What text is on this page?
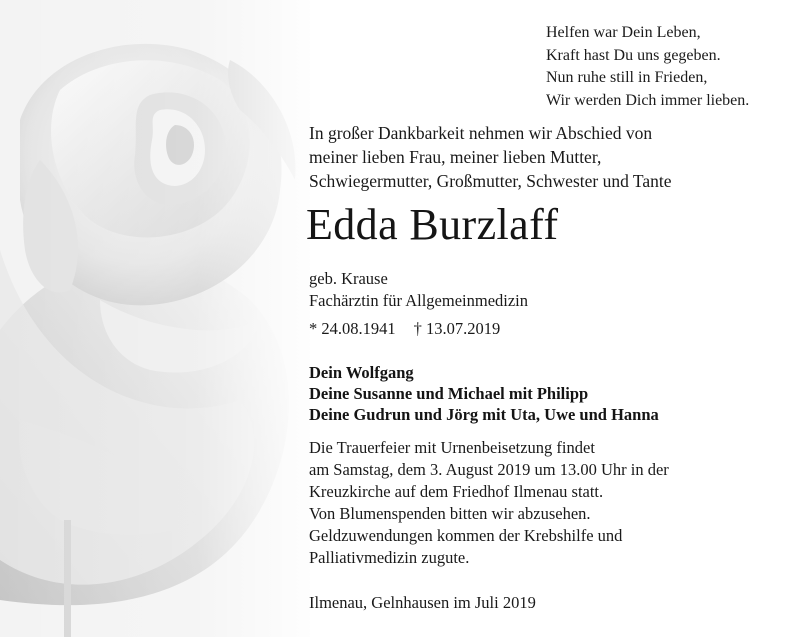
Helfen war Dein Leben,
Kraft hast Du uns gegeben.
Nun ruhe still in Frieden,
Wir werden Dich immer lieben.
In großer Dankbarkeit nehmen wir Abschied von
meiner lieben Frau, meiner lieben Mutter,
Schwiegermutter, Großmutter, Schwester und Tante
Edda Burzlaff
geb. Krause
Fachärztin für Allgemeinmedizin
* 24.08.1941 † 13.07.2019
Dein Wolfgang
Deine Susanne und Michael mit Philipp
Deine Gudrun und Jörg mit Uta, Uwe und Hanna
Die Trauerfeier mit Urnenbeisetzung findet
am Samstag, dem 3. August 2019 um 13.00 Uhr in der
Kreuzkirche auf dem Friedhof Ilmenau statt.
Von Blumenspenden bitten wir abzusehen.
Geldzuwendungen kommen der Krebshilfe und
Palliativmedizin zugute.
Ilmenau, Gelnhausen im Juli 2019
